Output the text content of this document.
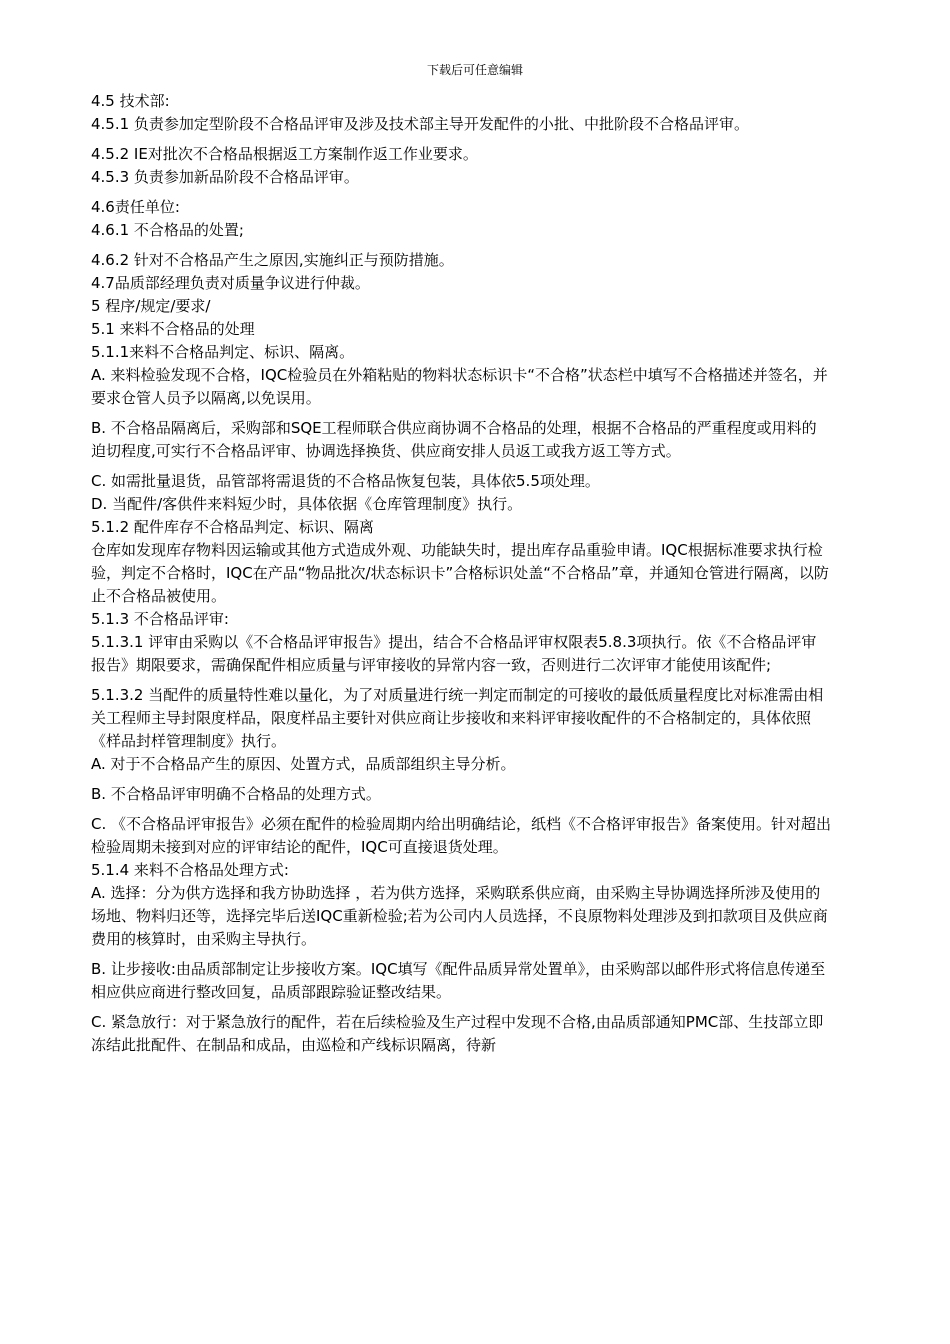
下载后可任意编辑

4.5 技术部:

4.5.1 负责参加定型阶段不合格品评审及涉及技术部主导开发配件的小批、中批阶段不合格品评审。

4.5.2 IE对批次不合格品根据返工方案制作返工作业要求。

4.5.3 负责参加新品阶段不合格品评审。

4.6责任单位:

4.6.1 不合格品的处置;

4.6.2 针对不合格品产生之原因,实施纠正与预防措施。

4.7品质部经理负责对质量争议进行仲裁。

5 程序/规定/要求/

5.1 来料不合格品的处理

5.1.1来料不合格品判定、标识、隔离。

A. 来料检验发现不合格，IQC检验员在外箱粘贴的物料状态标识卡“不合格”状态栏中填写不合格描述并签名，并要求仓管人员予以隔离,以免误用。

B. 不合格品隔离后，采购部和SQE工程师联合供应商协调不合格品的处理，根据不合格品的严重程度或用料的迫切程度,可实行不合格品评审、协调选择换货、供应商安排人员返工或我方返工等方式。

C. 如需批量退货，品管部将需退货的不合格品恢复包装，具体依5.5项处理。

D. 当配件/客供件来料短少时，具体依据《仓库管理制度》执行。

5.1.2 配件库存不合格品判定、标识、隔离

仓库如发现库存物料因运输或其他方式造成外观、功能缺失时，提出库存品重验申请。IQC根据标准要求执行检验，判定不合格时，IQC在产品“物品批次/状态标识卡”合格标识处盖“不合格品”章，并通知仓管进行隔离，以防止不合格品被使用。

5.1.3 不合格品评审:

5.1.3.1 评审由采购以《不合格品评审报告》提出，结合不合格品评审权限表5.8.3项执行。依《不合格品评审报告》期限要求，需确保配件相应质量与评审接收的异常内容一致，否则进行二次评审才能使用该配件;

5.1.3.2 当配件的质量特性难以量化，为了对质量进行统一判定而制定的可接收的最低质量程度比对标准需由相关工程师主导封限度样品，限度样品主要针对供应商让步接收和来料评审接收配件的不合格制定的，具体依照《样品封样管理制度》执行。

A. 对于不合格品产生的原因、处置方式，品质部组织主导分析。

B. 不合格品评审明确不合格品的处理方式。

C. 《不合格品评审报告》必须在配件的检验周期内给出明确结论，纸档《不合格评审报告》备案使用。针对超出检验周期未接到对应的评审结论的配件，IQC可直接退货处理。

5.1.4 来料不合格品处理方式:

A. 选择：分为供方选择和我方协助选择 ，若为供方选择，采购联系供应商，由采购主导协调选择所涉及使用的场地、物料归还等，选择完毕后送IQC重新检验;若为公司内人员选择，不良原物料处理涉及到扣款项目及供应商费用的核算时，由采购主导执行。

B. 让步接收:由品质部制定让步接收方案。IQC填写《配件品质异常处置单》，由采购部以邮件形式将信息传递至相应供应商进行整改回复，品质部跟踪验证整改结果。

C. 紧急放行：对于紧急放行的配件，若在后续检验及生产过程中发现不合格,由品质部通知PMC部、生技部立即冻结此批配件、在制品和成品，由巡检和产线标识隔离，待新
